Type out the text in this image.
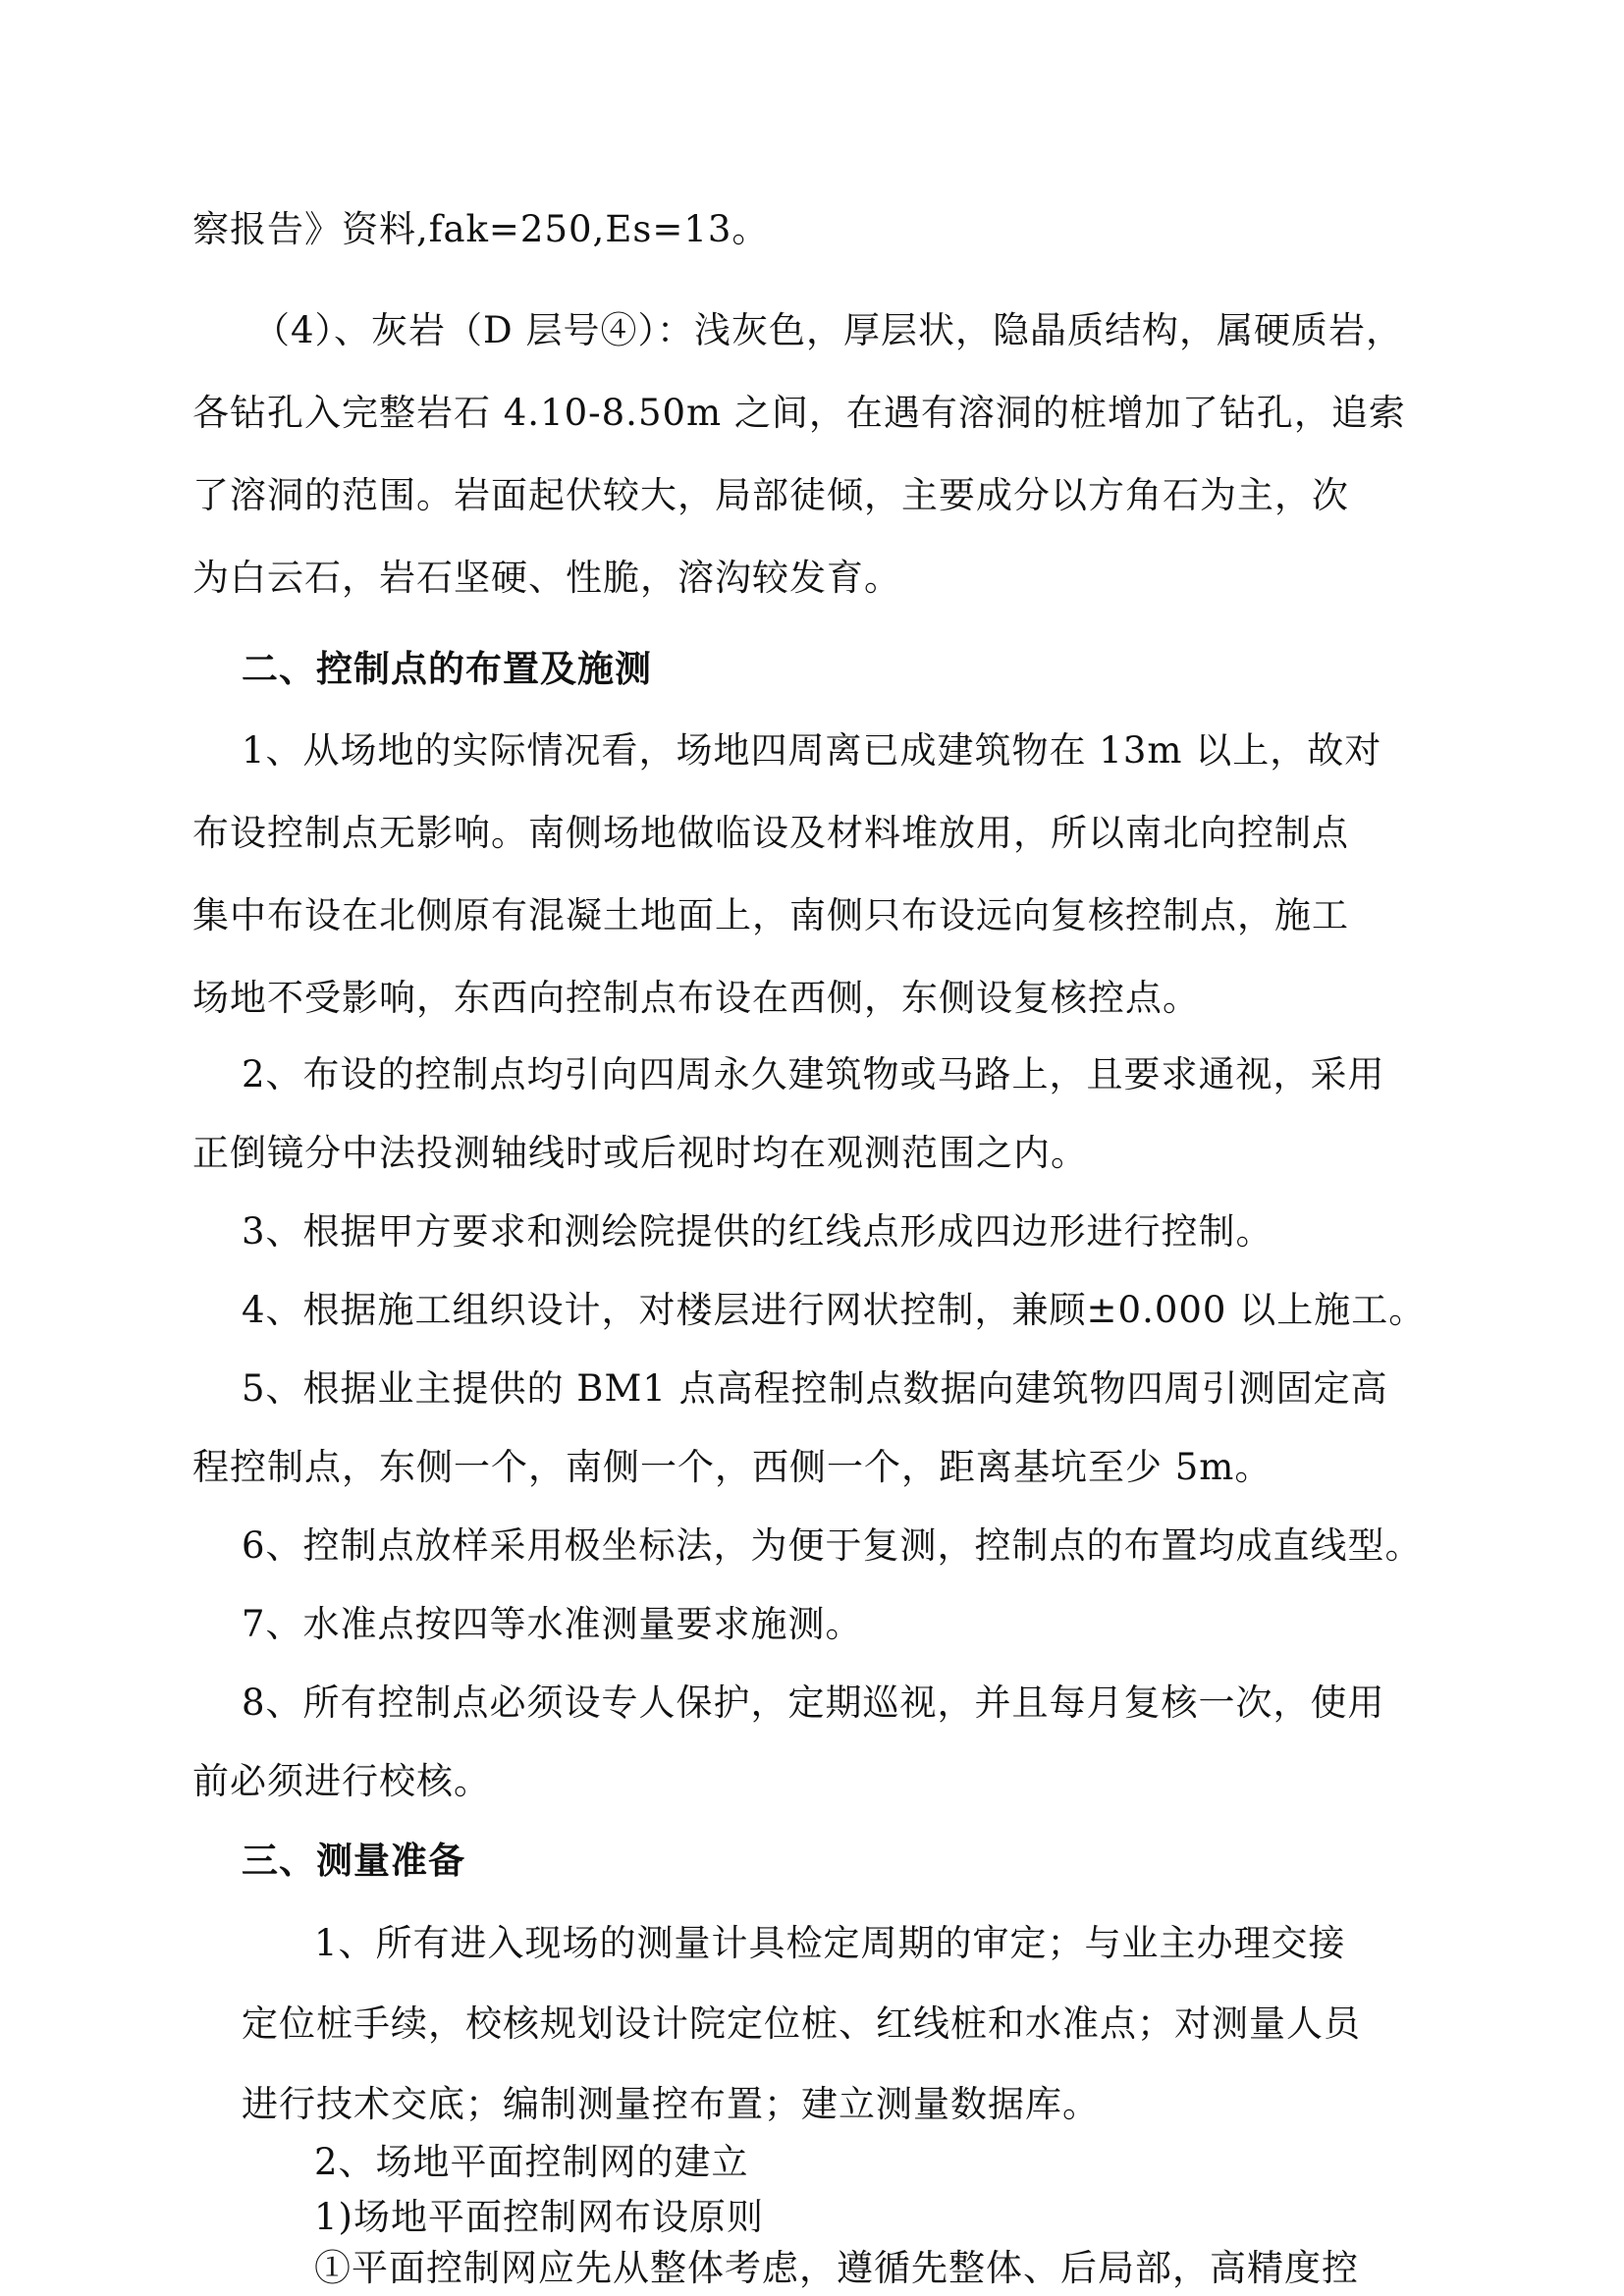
察报告》资料,fak=250,Es=13。
（4）、灰岩（D 层号④）：浅灰色，厚层状，隐晶质结构，属硬质岩，
各钻孔入完整岩石 4.10-8.50m 之间，在遇有溶洞的桩增加了钻孔，追索
了溶洞的范围。岩面起伏较大，局部徒倾，主要成分以方角石为主，次
为白云石，岩石坚硬、性脆，溶沟较发育。
二、控制点的布置及施测
1、从场地的实际情况看，场地四周离已成建筑物在 13m 以上，故对
布设控制点无影响。南侧场地做临设及材料堆放用，所以南北向控制点
集中布设在北侧原有混凝土地面上，南侧只布设远向复核控制点，施工
场地不受影响，东西向控制点布设在西侧，东侧设复核控点。
2、布设的控制点均引向四周永久建筑物或马路上，且要求通视，采用
正倒镜分中法投测轴线时或后视时均在观测范围之内。
3、根据甲方要求和测绘院提供的红线点形成四边形进行控制。
4、根据施工组织设计，对楼层进行网状控制，兼顾±0.000 以上施工。
5、根据业主提供的 BM1 点高程控制点数据向建筑物四周引测固定高
程控制点，东侧一个，南侧一个，西侧一个，距离基坑至少 5m。
6、控制点放样采用极坐标法，为便于复测，控制点的布置均成直线型。
7、水准点按四等水准测量要求施测。
8、所有控制点必须设专人保护，定期巡视，并且每月复核一次，使用
前必须进行校核。
三、测量准备
1、所有进入现场的测量计具检定周期的审定；与业主办理交接
定位桩手续，校核规划设计院定位桩、红线桩和水准点；对测量人员
进行技术交底；编制测量控布置；建立测量数据库。
2、场地平面控制网的建立
1)场地平面控制网布设原则
①平面控制网应先从整体考虑，遵循先整体、后局部，高精度控
